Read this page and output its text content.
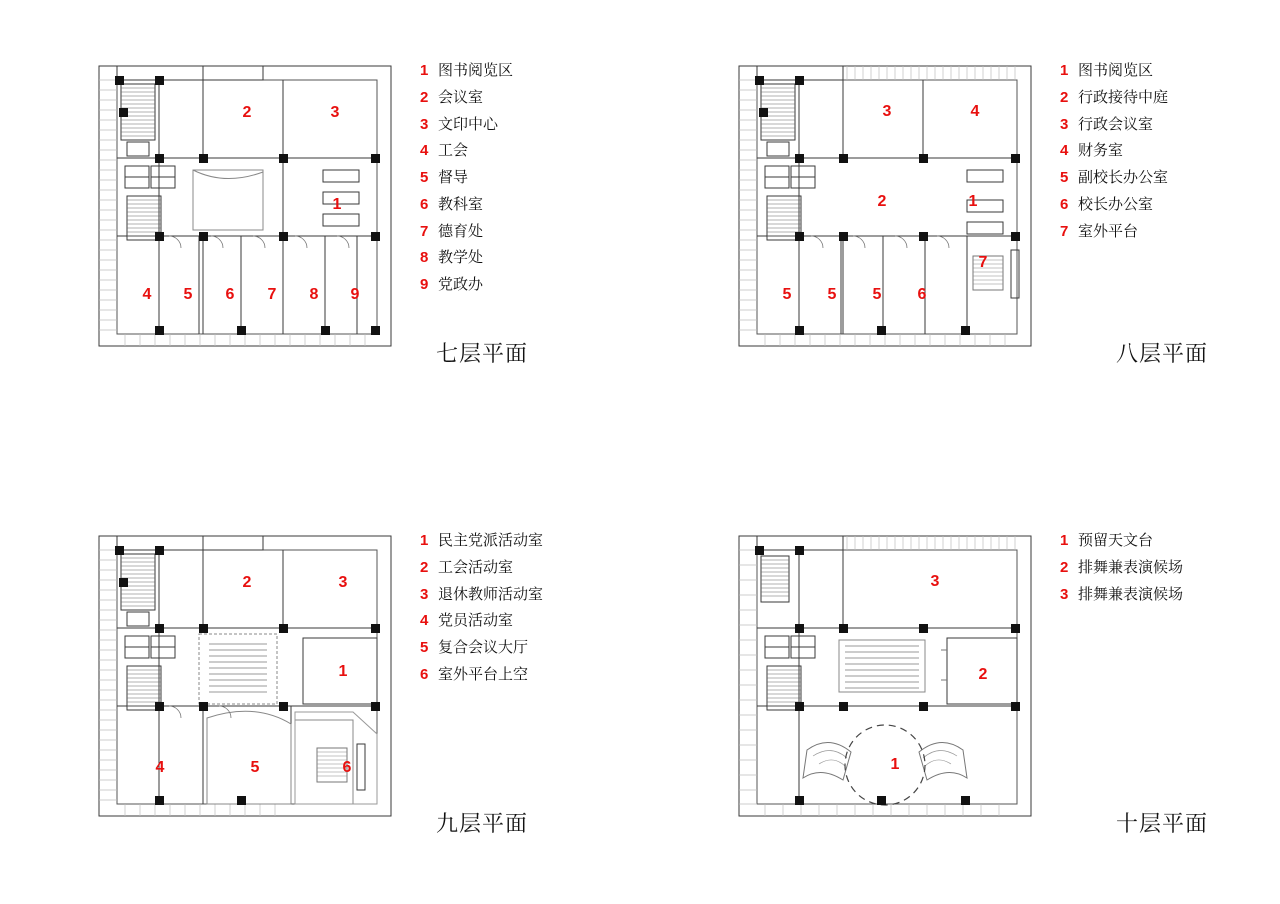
2	3
1
4 5 6 7 8 9
1 图书阅览区
2 会议室
3 文印中心
4 工会
5 督导
6 教科室
7 德育处
8 教学处
9 党政办
七层平面
3	4
2	1
5 5 5 6
7
1 图书阅览区
2 行政接待中庭
3 行政会议室
4 财务室
5 副校长办公室
6 校长办公室
7 室外平台
八层平面
2	3
1
4	5	6
1 民主党派活动室
2 工会活动室
3 退休教师活动室
4 党员活动室
5 复合会议大厅
6 室外平台上空
九层平面
3
2
1
1 预留天文台
2 排舞兼表演候场
3 排舞兼表演候场
十层平面
